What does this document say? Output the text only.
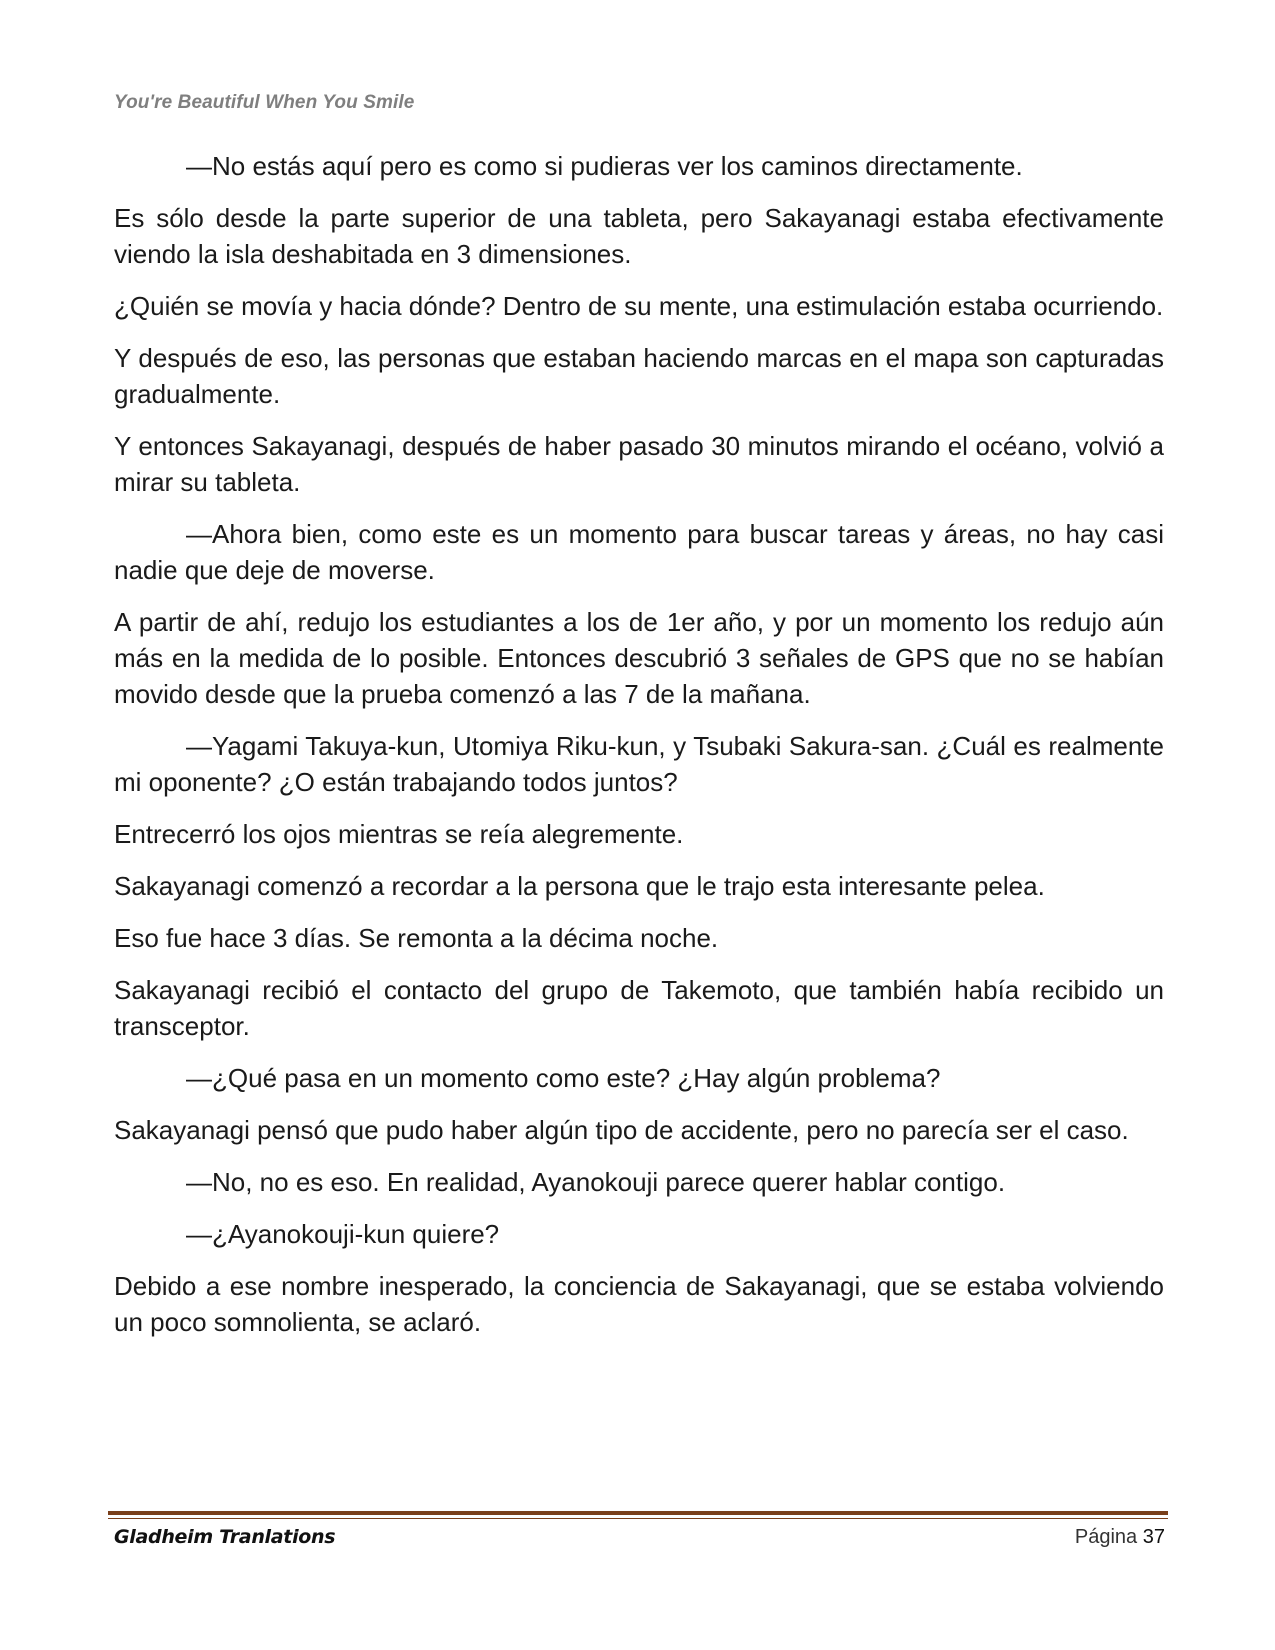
You're Beautiful When You Smile

—No estás aquí pero es como si pudieras ver los caminos directamente.

Es sólo desde la parte superior de una tableta, pero Sakayanagi estaba efectivamente viendo la isla deshabitada en 3 dimensiones.

¿Quién se movía y hacia dónde? Dentro de su mente, una estimulación estaba ocurriendo.

Y después de eso, las personas que estaban haciendo marcas en el mapa son capturadas gradualmente.

Y entonces Sakayanagi, después de haber pasado 30 minutos mirando el océano, volvió a mirar su tableta.

—Ahora bien, como este es un momento para buscar tareas y áreas, no hay casi nadie que deje de moverse.

A partir de ahí, redujo los estudiantes a los de 1er año, y por un momento los redujo aún más en la medida de lo posible. Entonces descubrió 3 señales de GPS que no se habían movido desde que la prueba comenzó a las 7 de la mañana.

—Yagami Takuya-kun, Utomiya Riku-kun, y Tsubaki Sakura-san. ¿Cuál es realmente mi oponente? ¿O están trabajando todos juntos?

Entrecerró los ojos mientras se reía alegremente.

Sakayanagi comenzó a recordar a la persona que le trajo esta interesante pelea.

Eso fue hace 3 días. Se remonta a la décima noche.

Sakayanagi recibió el contacto del grupo de Takemoto, que también había recibido un transceptor.

—¿Qué pasa en un momento como este? ¿Hay algún problema?

Sakayanagi pensó que pudo haber algún tipo de accidente, pero no parecía ser el caso.

—No, no es eso. En realidad, Ayanokouji parece querer hablar contigo.

—¿Ayanokouji-kun quiere?

Debido a ese nombre inesperado, la conciencia de Sakayanagi, que se estaba volviendo un poco somnolienta, se aclaró.

Gladheim Tranlations	Página 37
